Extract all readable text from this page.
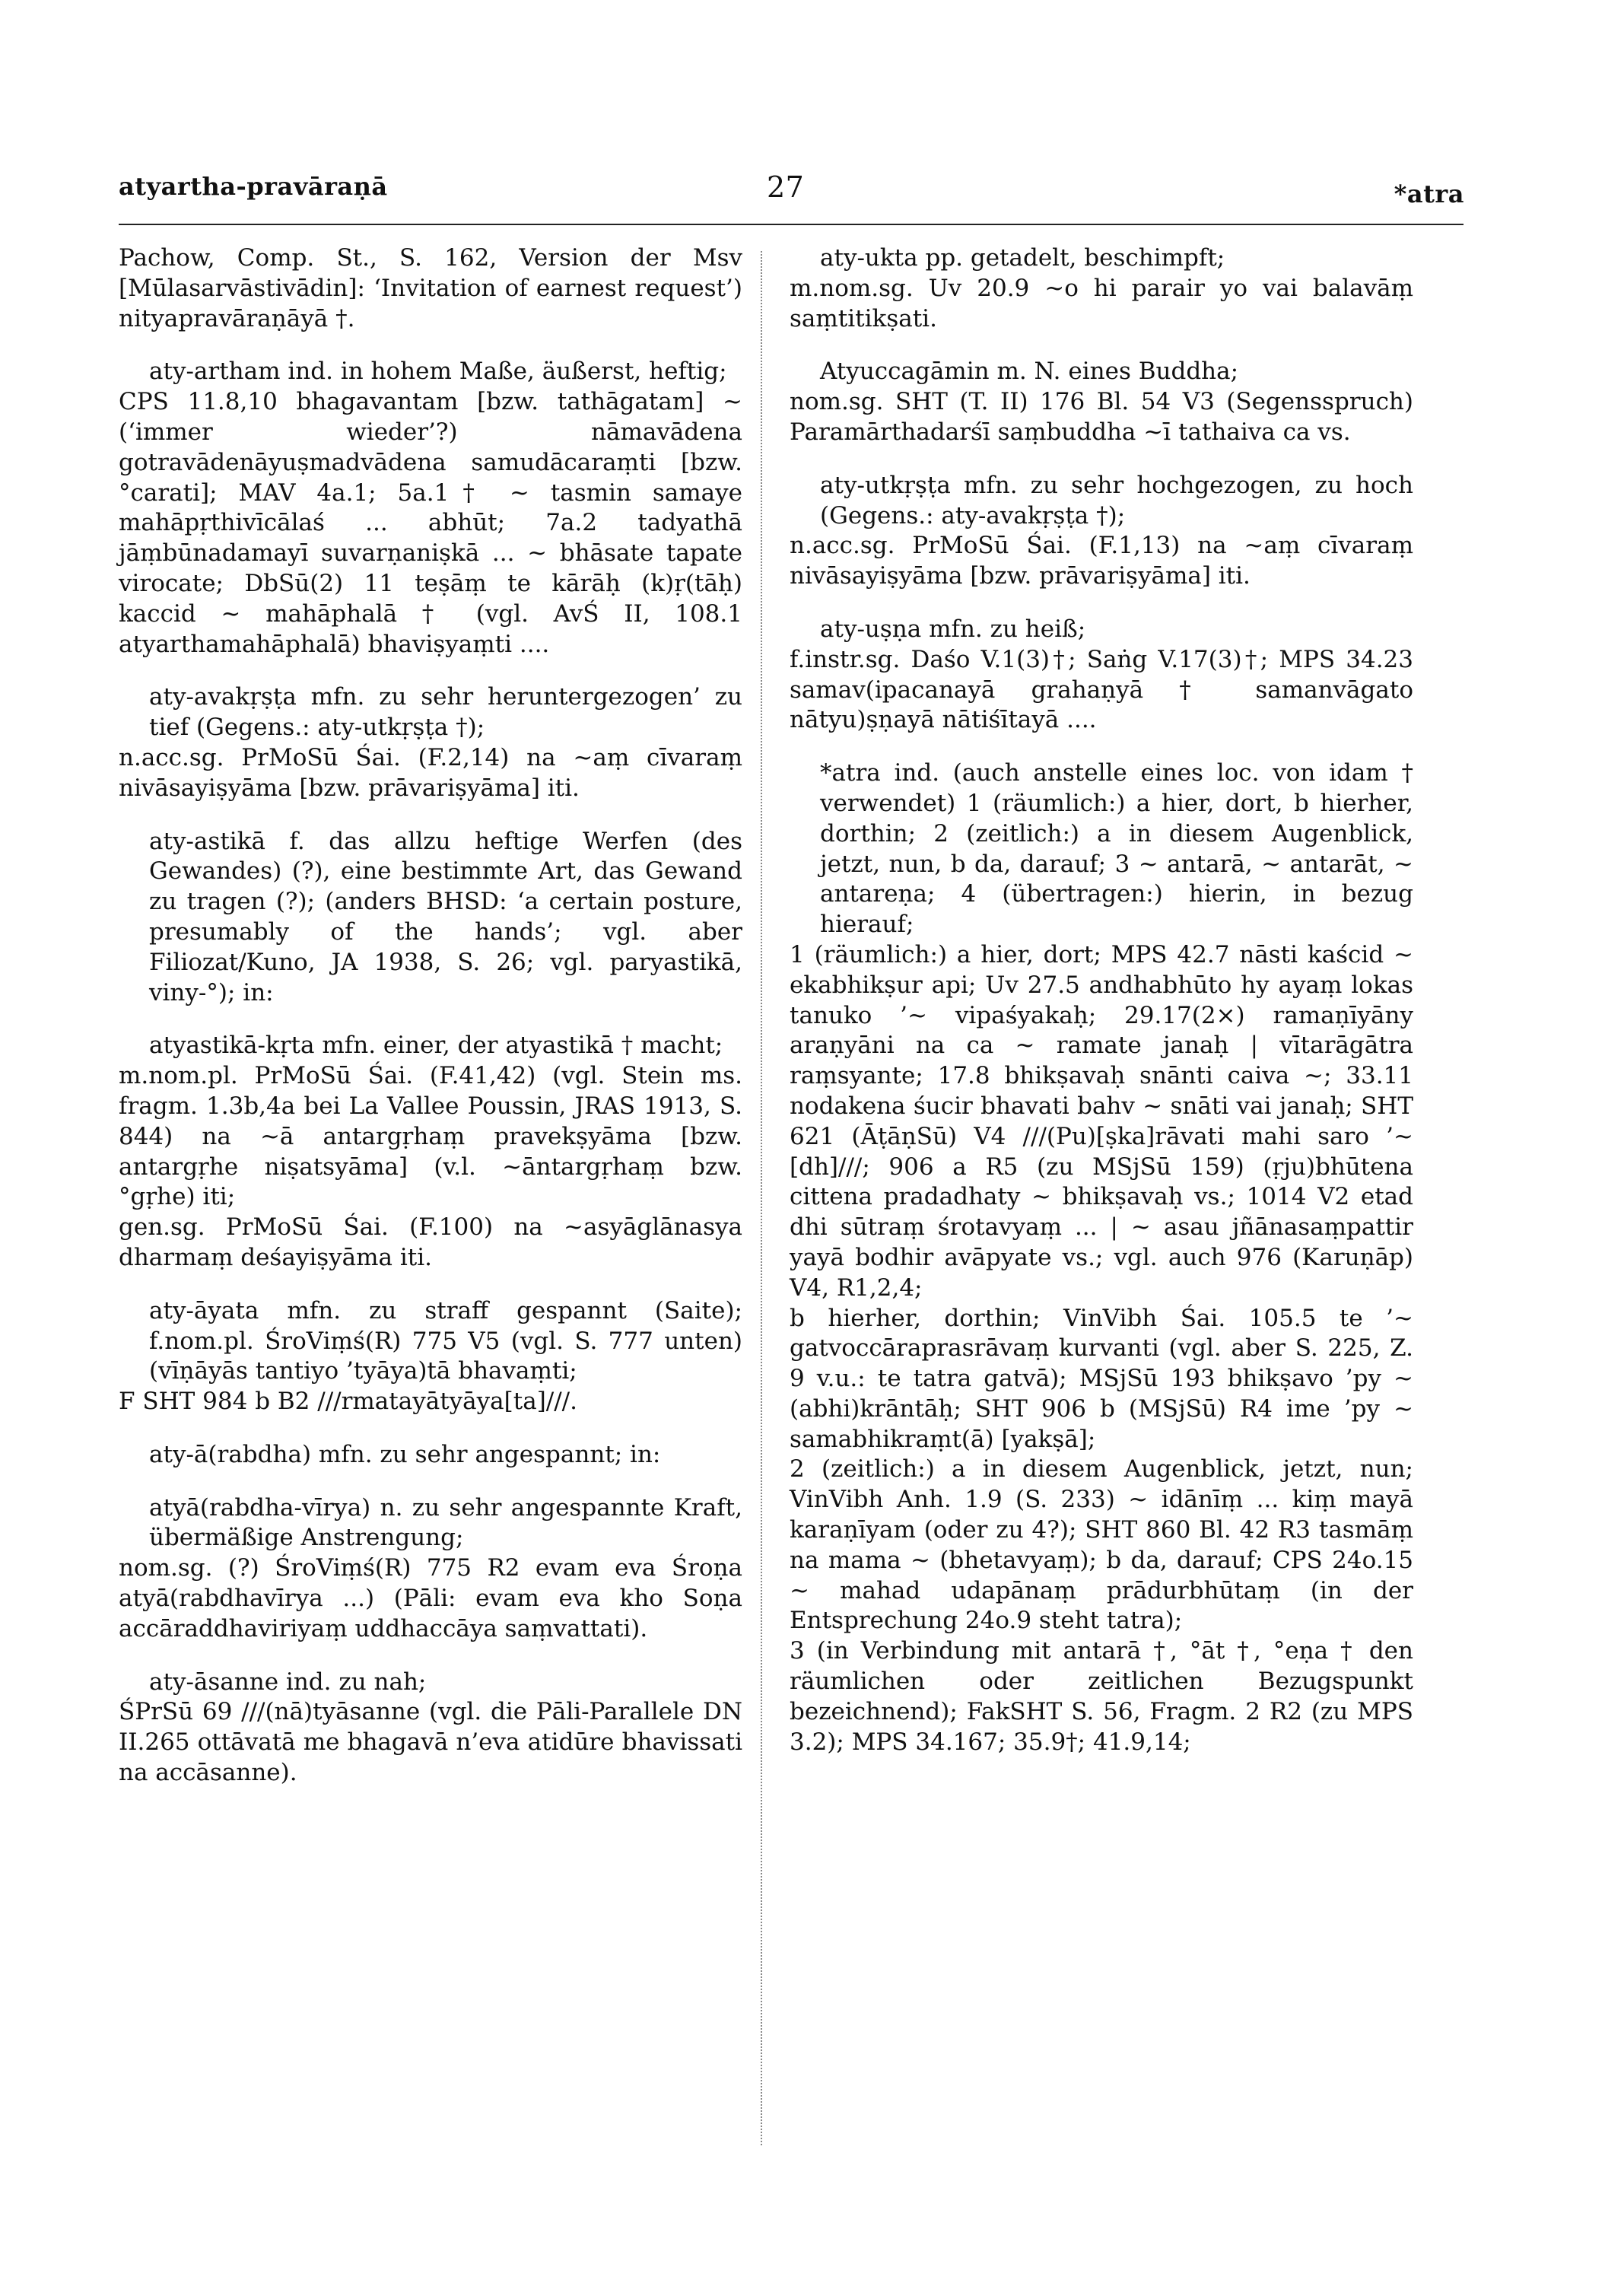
atyartha-pravāraṇā	27	*atra

Pachow, Comp. St., S. 162, Version der Msv [Mūlasarvāstivādin]: ‘Invitation of earnest request’) nityapravāraṇāyā †.

aty-artham ind. in hohem Maße, äußerst, heftig;

CPS 11.8,10 bhagavantam [bzw. tathāgatam] ~ (‘immer wieder’?) nāmavādena gotravādenāyuṣmadvādena samudācaraṃti [bzw. °carati]; MAV 4a.1; 5a.1† ~ tasmin samaye mahāpṛthivīcālaś ... abhūt; 7a.2 tadyathā jāṃbūnadamayī suvarṇaniṣkā ... ~ bhāsate tapate virocate; DbSū(2) 11 teṣāṃ te kārāḥ (k)ṛ(tāḥ) kaccid ~ mahāphalā † (vgl. AvŚ II, 108.1 atyarthamahāphalā) bhaviṣyaṃti ....

aty-avakṛṣṭa mfn. zu sehr heruntergezogen’ zu tief (Gegens.: aty-utkṛṣṭa †);

n.acc.sg. PrMoSū Śai. (F.2,14) na ~aṃ cīvaraṃ nivāsayiṣyāma [bzw. prāvariṣyāma] iti.

aty-astikā f. das allzu heftige Werfen (des Gewandes) (?), eine bestimmte Art, das Gewand zu tragen (?); (anders BHSD: ‘a certain posture, presumably of the hands’; vgl. aber Filiozat/Kuno, JA 1938, S. 26; vgl. paryastikā, viny-°); in:

atyastikā-kṛta mfn. einer, der atyastikā † macht;

m.nom.pl. PrMoSū Śai. (F.41,42) (vgl. Stein ms. fragm. 1.3b,4a bei La Vallee Poussin, JRAS 1913, S. 844) na ~ā antargṛhaṃ pravekṣyāma [bzw. antargṛhe niṣatsyāma] (v.l. ~āntargṛhaṃ bzw. °gṛhe) iti;

gen.sg. PrMoSū Śai. (F.100) na ~asyāglānasya dharmaṃ deśayiṣyāma iti.

aty-āyata mfn. zu straff gespannt (Saite); f.nom.pl. ŚroViṃś(R) 775 V5 (vgl. S. 777 unten) (vīṇāyās tantiyo ’tyāya)tā bhavaṃti;

F SHT 984 b B2 ///rmatayātyāya[ta]///.

aty-ā(rabdha) mfn. zu sehr angespannt; in:

atyā(rabdha-vīrya) n. zu sehr angespannte Kraft, übermäßige Anstrengung;

nom.sg. (?) ŚroViṃś(R) 775 R2 evam eva Śroṇa atyā(rabdhavīrya ...) (Pāli: evam eva kho Soṇa accāraddhaviriyaṃ uddhaccāya saṃvattati).

aty-āsanne ind. zu nah;

ŚPrSū 69 ///(nā)tyāsanne (vgl. die Pāli-Parallele DN II.265 ottāvatā me bhagavā n’eva atidūre bhavissati na accāsanne).

aty-ukta pp. getadelt, beschimpft;

m.nom.sg. Uv 20.9 ~o hi parair yo vai balavāṃ saṃtitikṣati.

Atyuccagāmin m. N. eines Buddha;

nom.sg. SHT (T. II) 176 Bl. 54 V3 (Segensspruch) Paramārthadarśī saṃbuddha ~ī tathaiva ca vs.

aty-utkṛṣṭa mfn. zu sehr hochgezogen, zu hoch (Gegens.: aty-avakṛṣṭa †);

n.acc.sg. PrMoSū Śai. (F.1,13) na ~aṃ cīvaraṃ nivāsayiṣyāma [bzw. prāvariṣyāma] iti.

aty-uṣṇa mfn. zu heiß;

f.instr.sg. Daśo V.1(3)†; Saṅg V.17(3)†; MPS 34.23 samav(ipacanayā grahaṇyā † samanvāgato nātyu)ṣṇayā nātiśītayā ....

*atra ind. (auch anstelle eines loc. von idam † verwendet) 1 (räumlich:) a hier, dort, b hierher, dorthin; 2 (zeitlich:) a in diesem Augenblick, jetzt, nun, b da, darauf; 3 ~ antarā, ~ antarāt, ~ antareṇa; 4 (übertragen:) hierin, in bezug hierauf;

1 (räumlich:) a hier, dort; MPS 42.7 nāsti kaścid ~ ekabhikṣur api; Uv 27.5 andhabhūto hy ayaṃ lokas tanuko ’~ vipaśyakaḥ; 29.17(2×) ramaṇīyāny araṇyāni na ca ~ ramate janaḥ | vītarāgātra raṃsyante; 17.8 bhikṣavaḥ snānti caiva ~; 33.11 nodakena śucir bhavati bahv ~ snāti vai janaḥ; SHT 621 (ĀṭāṇSū) V4 ///(Pu)[ṣka]rāvati mahi saro ’~ [dh]///; 906 a R5 (zu MSjSū 159) (ṛju)bhūtena cittena pradadhaty ~ bhikṣavaḥ vs.; 1014 V2 etad dhi sūtraṃ śrotavyaṃ ... | ~ asau jñānasaṃpattir yayā bodhir avāpyate vs.; vgl. auch 976 (Karuṇāp) V4, R1,2,4;

b hierher, dorthin; VinVibh Śai. 105.5 te ’~ gatvoccāraprasrāvaṃ kurvanti (vgl. aber S. 225, Z. 9 v.u.: te tatra gatvā); MSjSū 193 bhikṣavo ’py ~ (abhi)krāntāḥ; SHT 906 b (MSjSū) R4 ime ’py ~ samabhikraṃt(ā) [yakṣā];

2 (zeitlich:) a in diesem Augenblick, jetzt, nun; VinVibh Anh. 1.9 (S. 233) ~ idānīṃ ... kiṃ mayā karaṇīyam (oder zu 4?); SHT 860 Bl. 42 R3 tasmāṃ na mama ~ (bhetavyaṃ); b da, darauf; CPS 24o.15 ~ mahad udapānaṃ prādurbhūtaṃ (in der Entsprechung 24o.9 steht tatra);

3 (in Verbindung mit antarā †, °āt †, °eṇa † den räumlichen oder zeitlichen Bezugspunkt bezeichnend); FakSHT S. 56, Fragm. 2 R2 (zu MPS 3.2); MPS 34.167; 35.9†; 41.9,14;
